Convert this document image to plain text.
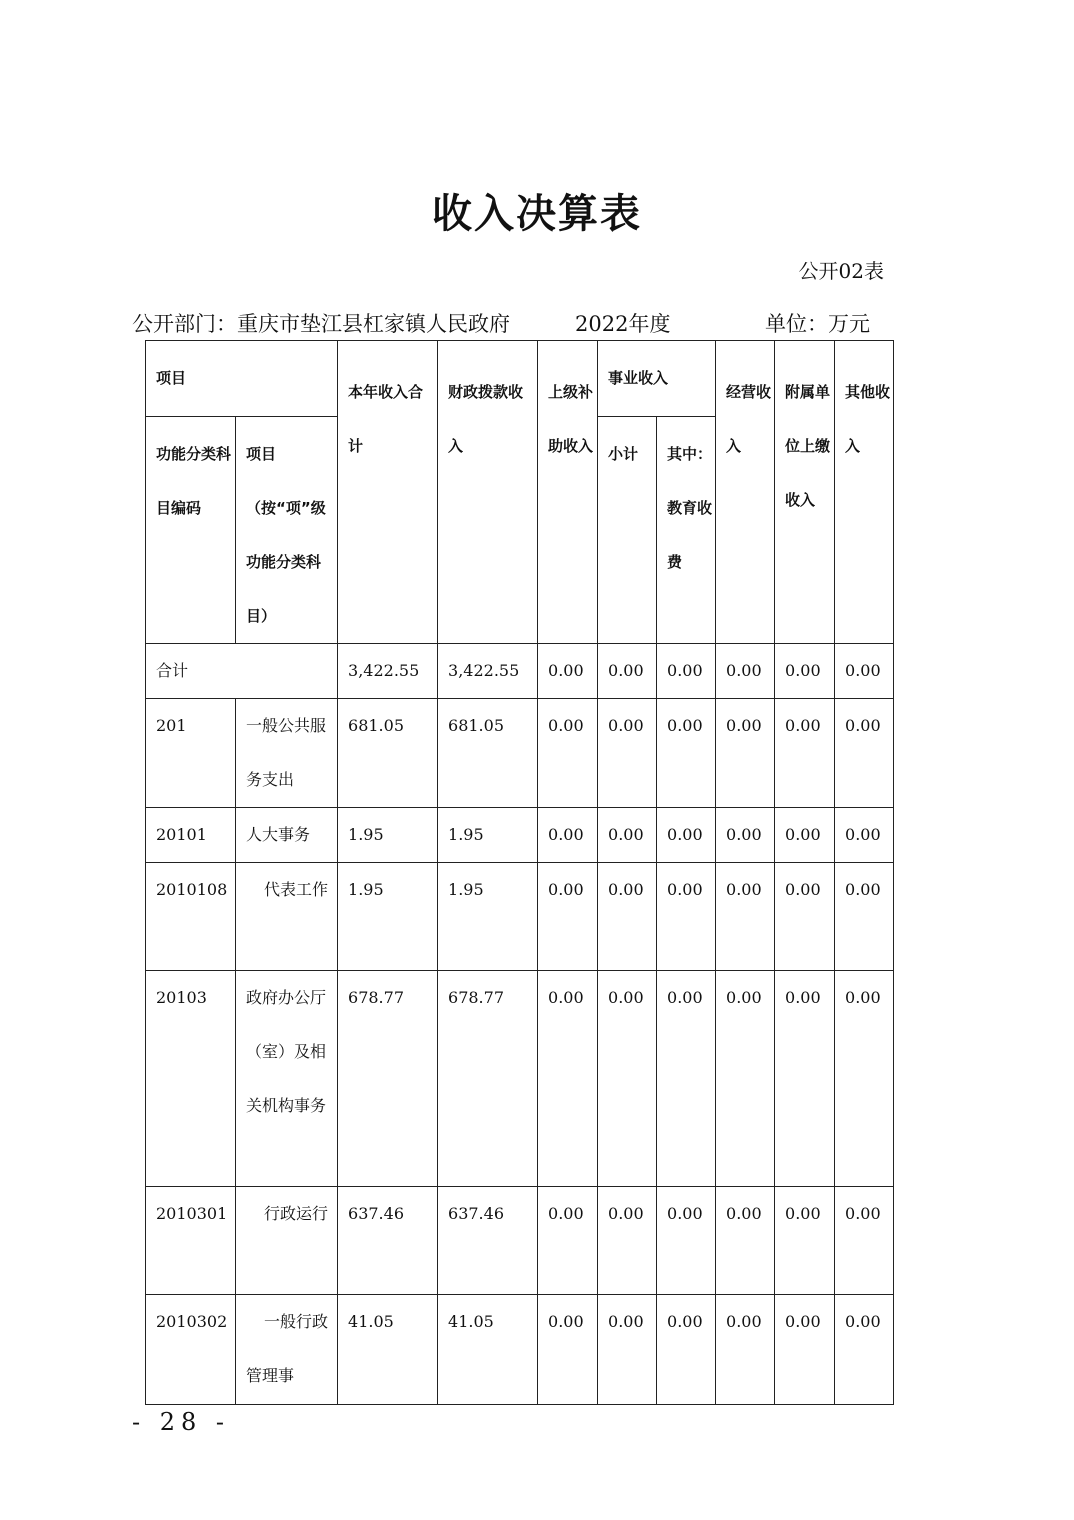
收入决算表
公开02表
公开部门：重庆市垫江县杠家镇人民政府	2022年度	单位：万元
项目		本年收入合计	财政拨款收入	上级补助收入	事业收入		经营收入	附属单位上缴收入	其他收入
功能分类科目编码	项目（按“项”级功能分类科目）				小计	其中：教育收费			
合计		3,422.55	3,422.55	0.00	0.00	0.00	0.00	0.00	0.00
201	一般公共服务支出	681.05	681.05	0.00	0.00	0.00	0.00	0.00	0.00
20101	人大事务	1.95	1.95	0.00	0.00	0.00	0.00	0.00	0.00
2010108	代表工作	1.95	1.95	0.00	0.00	0.00	0.00	0.00	0.00
20103	政府办公厅（室）及相关机构事务	678.77	678.77	0.00	0.00	0.00	0.00	0.00	0.00
2010301	行政运行	637.46	637.46	0.00	0.00	0.00	0.00	0.00	0.00
2010302	一般行政管理事	41.05	41.05	0.00	0.00	0.00	0.00	0.00	0.00
- 28 -
